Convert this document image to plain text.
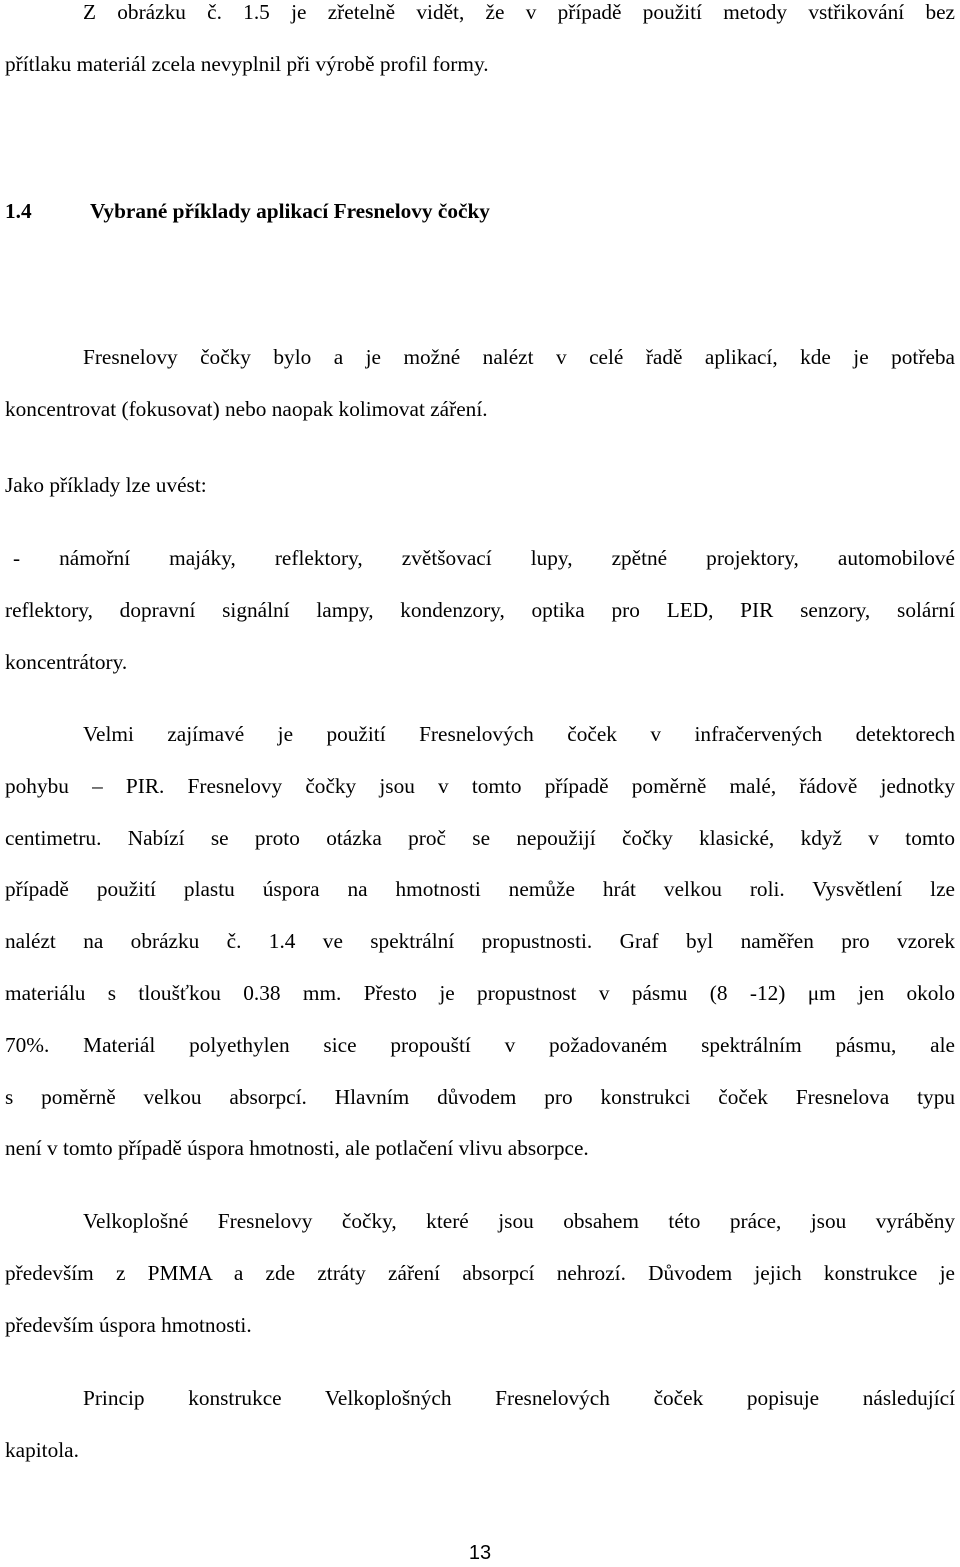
Z obrázku č. 1.5 je zřetelně vidět, že v případě použití metody vstřikování bez
přítlaku materiál zcela nevyplnil při výrobě profil formy.

1.4	Vybrané příklady aplikací Fresnelovy čočky

Fresnelovy čočky bylo a je možné nalézt v celé řadě aplikací, kde je potřeba
koncentrovat (fokusovat) nebo naopak kolimovat záření.

Jako příklady lze uvést:

- námořní majáky, reflektory, zvětšovací lupy, zpětné projektory, automobilové
reflektory, dopravní signální lampy, kondenzory, optika pro LED, PIR senzory, solární
koncentrátory.

Velmi zajímavé je použití Fresnelových čoček v infračervených detektorech
pohybu – PIR. Fresnelovy čočky jsou v tomto případě poměrně malé, řádově jednotky
centimetru. Nabízí se proto otázka proč se nepoužijí čočky klasické, když v tomto
případě použití plastu úspora na hmotnosti nemůže hrát velkou roli. Vysvětlení lze
nalézt na obrázku č. 1.4 ve spektrální propustnosti. Graf byl naměřen pro vzorek
materiálu s tloušťkou 0.38 mm. Přesto je propustnost v pásmu (8 -12) μm jen okolo
70%. Materiál polyethylen sice propouští v požadovaném spektrálním pásmu, ale
s poměrně velkou absorpcí. Hlavním důvodem pro konstrukci čoček Fresnelova typu
není v tomto případě úspora hmotnosti, ale potlačení vlivu absorpce.

Velkoplošné Fresnelovy čočky, které jsou obsahem této práce, jsou vyráběny
především z PMMA a zde ztráty záření absorpcí nehrozí. Důvodem jejich konstrukce je
především úspora hmotnosti.

Princip konstrukce Velkoplošných Fresnelových čoček popisuje následující
kapitola.

13
